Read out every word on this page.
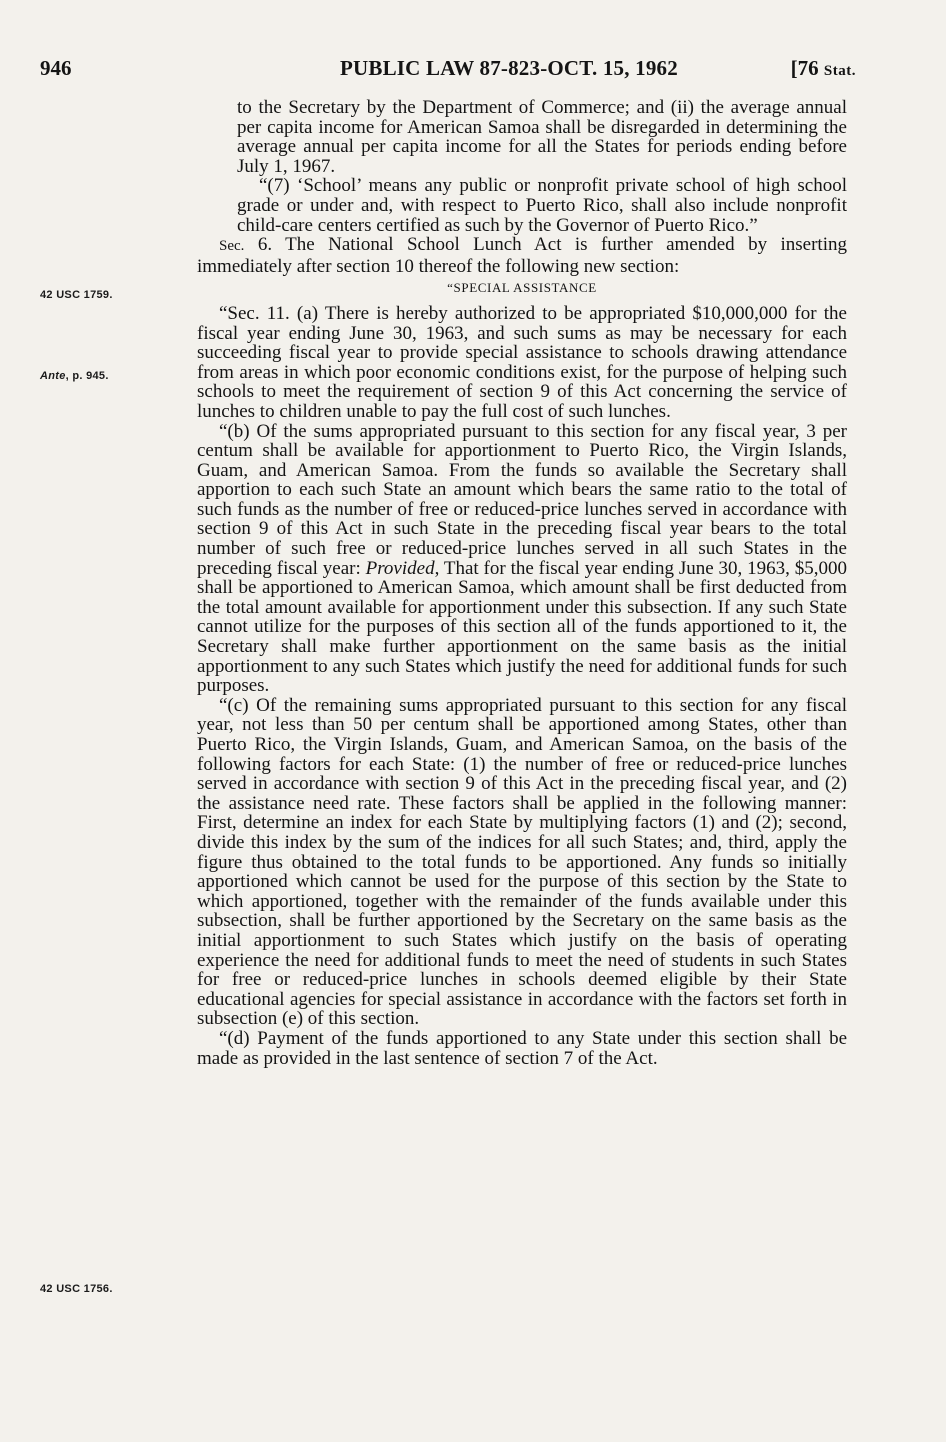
946	PUBLIC LAW 87-823-OCT. 15, 1962	[76 Stat.
42 USC 1759.
Ante, p. 945.
42 USC 1756.

to the Secretary by the Department of Commerce; and (ii) the average annual per capita income for American Samoa shall be disregarded in determining the average annual per capita income for all the States for periods ending before July 1, 1967.

“(7) ‘School’ means any public or nonprofit private school of high school grade or under and, with respect to Puerto Rico, shall also include nonprofit child-care centers certified as such by the Governor of Puerto Rico.”

Sec. 6. The National School Lunch Act is further amended by inserting immediately after section 10 thereof the following new section:

“SPECIAL ASSISTANCE

“Sec. 11. (a) There is hereby authorized to be appropriated $10,000,000 for the fiscal year ending June 30, 1963, and such sums as may be necessary for each succeeding fiscal year to provide special assistance to schools drawing attendance from areas in which poor economic conditions exist, for the purpose of helping such schools to meet the requirement of section 9 of this Act concerning the service of lunches to children unable to pay the full cost of such lunches.

“(b) Of the sums appropriated pursuant to this section for any fiscal year, 3 per centum shall be available for apportionment to Puerto Rico, the Virgin Islands, Guam, and American Samoa. From the funds so available the Secretary shall apportion to each such State an amount which bears the same ratio to the total of such funds as the number of free or reduced-price lunches served in accordance with section 9 of this Act in such State in the preceding fiscal year bears to the total number of such free or reduced-price lunches served in all such States in the preceding fiscal year: Provided, That for the fiscal year ending June 30, 1963, $5,000 shall be apportioned to American Samoa, which amount shall be first deducted from the total amount available for apportionment under this subsection. If any such State cannot utilize for the purposes of this section all of the funds apportioned to it, the Secretary shall make further apportionment on the same basis as the initial apportionment to any such States which justify the need for additional funds for such purposes.

“(c) Of the remaining sums appropriated pursuant to this section for any fiscal year, not less than 50 per centum shall be apportioned among States, other than Puerto Rico, the Virgin Islands, Guam, and American Samoa, on the basis of the following factors for each State: (1) the number of free or reduced-price lunches served in accordance with section 9 of this Act in the preceding fiscal year, and (2) the assistance need rate. These factors shall be applied in the following manner: First, determine an index for each State by multiplying factors (1) and (2); second, divide this index by the sum of the indices for all such States; and, third, apply the figure thus obtained to the total funds to be apportioned. Any funds so initially apportioned which cannot be used for the purpose of this section by the State to which apportioned, together with the remainder of the funds available under this subsection, shall be further apportioned by the Secretary on the same basis as the initial apportionment to such States which justify on the basis of operating experience the need for additional funds to meet the need of students in such States for free or reduced-price lunches in schools deemed eligible by their State educational agencies for special assistance in accordance with the factors set forth in subsection (e) of this section.

“(d) Payment of the funds apportioned to any State under this section shall be made as provided in the last sentence of section 7 of the Act.
